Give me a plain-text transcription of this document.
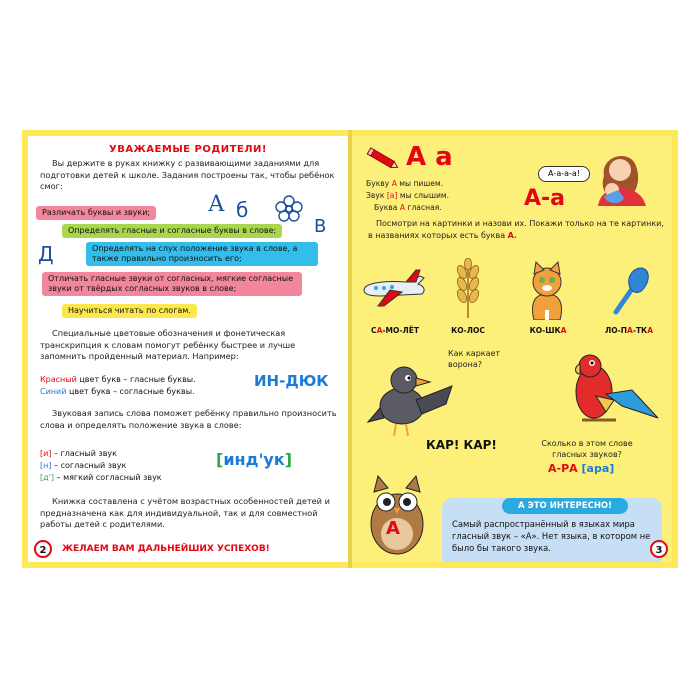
УВАЖАЕМЫЕ РОДИТЕЛИ!
Вы держите в руках книжку с развивающими заданиями для подготовки детей к школе. Задания построены так, чтобы ребёнок смог:
Различать буквы и звуки;
Определять гласные и согласные буквы в слове;
Определять на слух положение звука в слове, а также правильно произносить его;
Отличать гласные звуки от согласных, мягкие согласные звуки от твёрдых согласных звуков в слове;
Научиться читать по слогам.
А б
В
Д
Специальные цветовые обозначения и фонетическая транскрипция к словам помогут ребёнку быстрее и лучше запомнить пройденный материал. Например:
Красный цвет букв – гласные буквы.
Синий цвет букв – согласные буквы.
ИН-ДЮК
Звуковая запись слова поможет ребёнку правильно произносить слова и определять положение звука в слове:
[и] – гласный звук
[н] – согласный звук
[д'] – мягкий согласный звук
[инд'ук]
Книжка составлена с учётом возрастных особенностей детей и предназначена как для индивидуальной, так и для совместной работы детей с родителями.
2	ЖЕЛАЕМ ВАМ ДАЛЬНЕЙШИХ УСПЕХОВ!
А а
Букву А мы пишем.
Звук [а] мы слышим.
Буква А гласная.
А-а-а-а!
А-а
Посмотри на картинки и назови их. Покажи только на те картинки, в названиях которых есть буква А.
СА-МО-ЛЁТ	КО-ЛОС	КО-ШКА	ЛО-ПА-ТКА
Как каркает ворона?
КАР! КАР!	Сколько в этом слове гласных звуков?
А-РА [ара]
А
А ЭТО ИНТЕРЕСНО!
Самый распространённый в языках мира гласный звук – «А». Нет языка, в котором не было бы такого звука.	3
